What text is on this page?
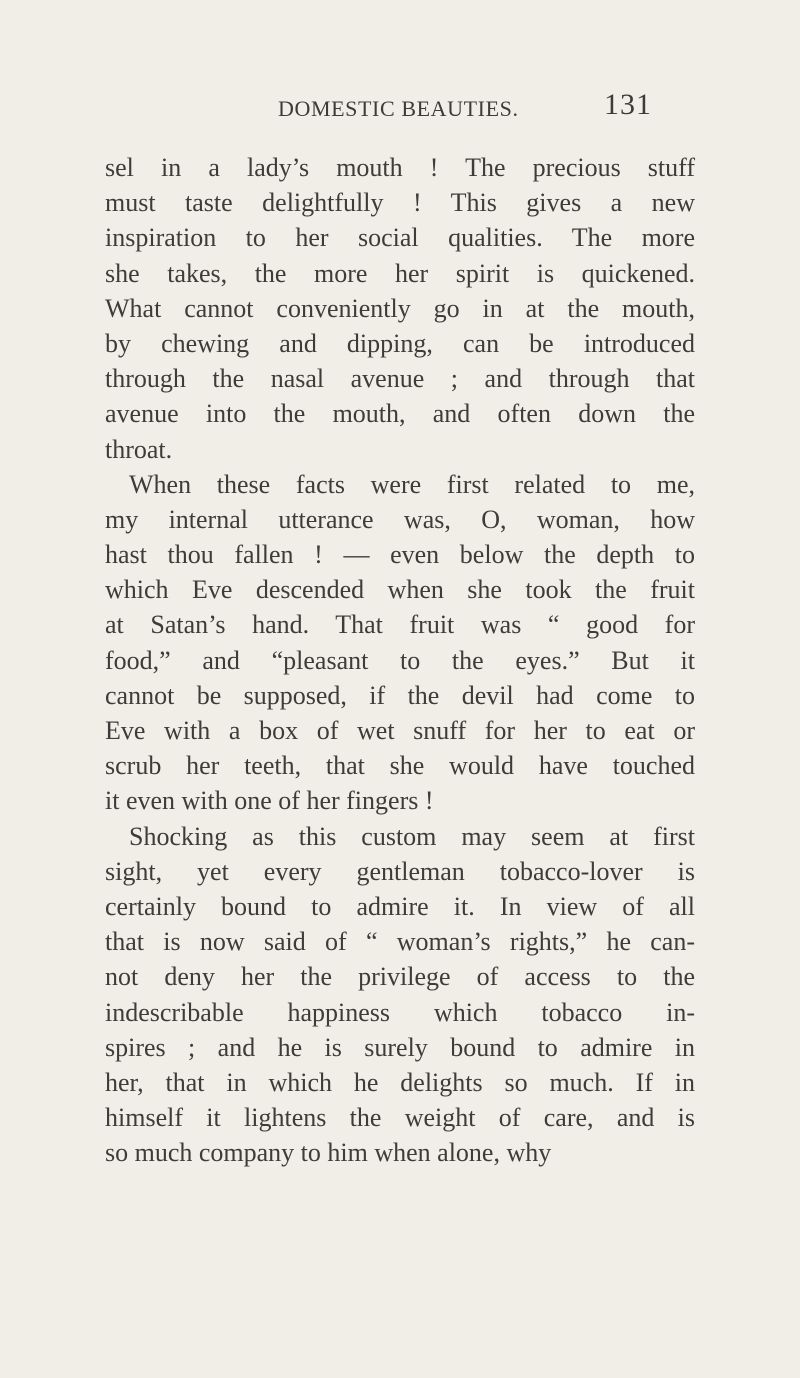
DOMESTIC BEAUTIES.	131
sel in a lady’s mouth ! The precious stuff
must taste delightfully ! This gives a new
inspiration to her social qualities. The more
she takes, the more her spirit is quickened.
What cannot conveniently go in at the mouth,
by chewing and dipping, can be introduced
through the nasal avenue ; and through that
avenue into the mouth, and often down the
throat.
When these facts were first related to me,
my internal utterance was, O, woman, how
hast thou fallen ! — even below the depth to
which Eve descended when she took the fruit
at Satan’s hand. That fruit was “ good for
food,” and “pleasant to the eyes.” But it
cannot be supposed, if the devil had come to
Eve with a box of wet snuff for her to eat or
scrub her teeth, that she would have touched
it even with one of her fingers !
Shocking as this custom may seem at first
sight, yet every gentleman tobacco-lover is
certainly bound to admire it. In view of all
that is now said of “ woman’s rights,” he can-
not deny her the privilege of access to the
indescribable happiness which tobacco in-
spires ; and he is surely bound to admire in
her, that in which he delights so much. If in
himself it lightens the weight of care, and is
so much company to him when alone, why
